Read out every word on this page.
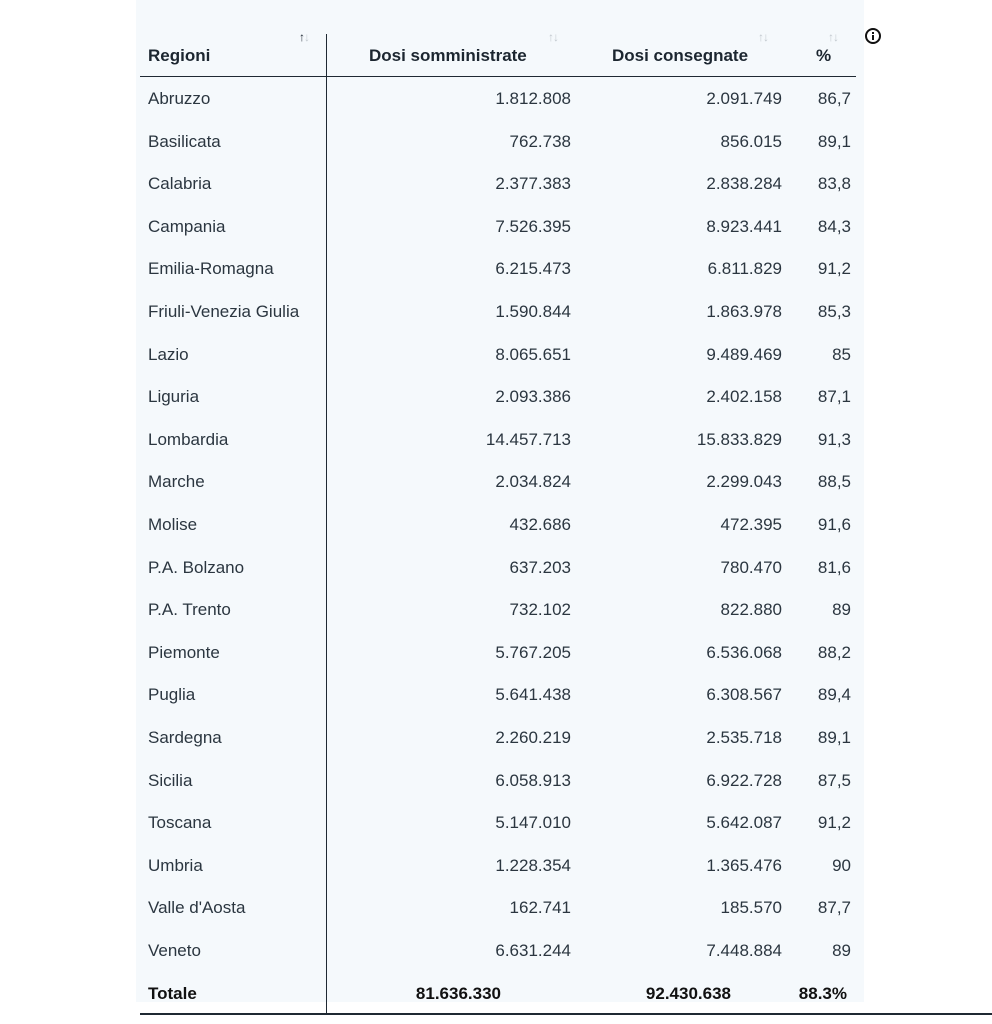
Regioni
↑↓
Dosi somministrate
↑↓
Dosi consegnate
↑↓
%
↑↓
Abruzzo	1.812.808	2.091.749 86,7
Basilicata	762.738	856.015 89,1
Calabria	2.377.383	2.838.284 83,8
Campania	7.526.395	8.923.441 84,3
Emilia-Romagna	6.215.473	6.811.829 91,2
Friuli-Venezia Giulia	1.590.844	1.863.978 85,3
Lazio	8.065.651	9.489.469	85
Liguria	2.093.386	2.402.158 87,1
Lombardia	14.457.713	15.833.829 91,3
Marche	2.034.824	2.299.043 88,5
Molise	432.686	472.395 91,6
P.A. Bolzano	637.203	780.470 81,6
P.A. Trento	732.102	822.880	89
Piemonte	5.767.205	6.536.068 88,2
Puglia	5.641.438	6.308.567 89,4
Sardegna	2.260.219	2.535.718 89,1
Sicilia	6.058.913	6.922.728 87,5
Toscana	5.147.010	5.642.087 91,2
Umbria	1.228.354	1.365.476	90
Valle d'Aosta	162.741	185.570 87,7
Veneto	6.631.244	7.448.884	89
Totale	81.636.330	92.430.638	88.3%
